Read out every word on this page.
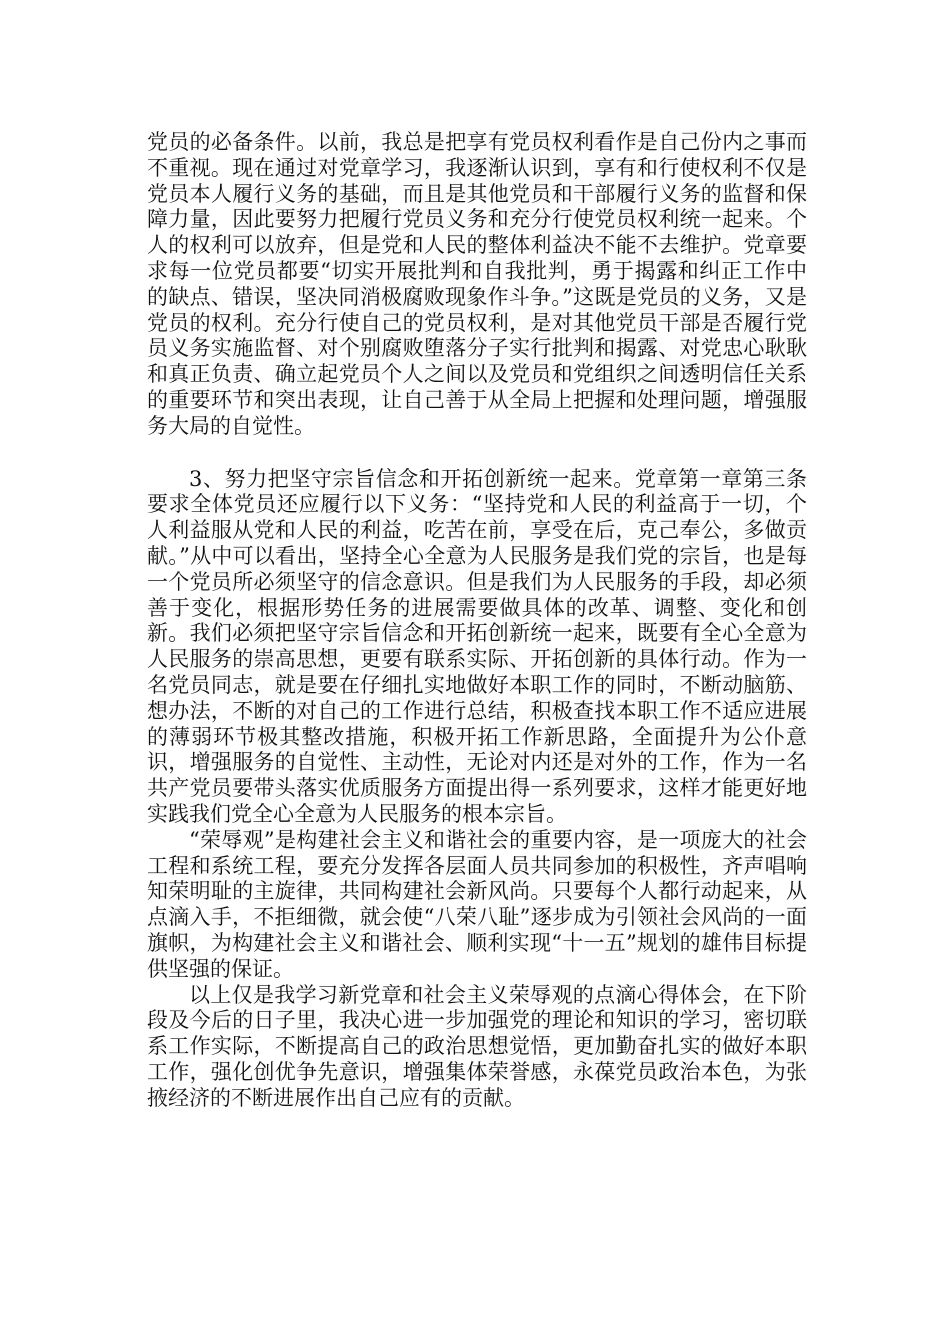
党员的必备条件。以前，我总是把享有党员权利看作是自己份内之事而不重视。现在通过对党章学习，我逐渐认识到，享有和行使权利不仅是党员本人履行义务的基础，而且是其他党员和干部履行义务的监督和保障力量，因此要努力把履行党员义务和充分行使党员权利统一起来。个人的权利可以放弃，但是党和人民的整体利益决不能不去维护。党章要求每一位党员都要“切实开展批判和自我批判，勇于揭露和纠正工作中的缺点、错误，坚决同消极腐败现象作斗争。”这既是党员的义务，又是党员的权利。充分行使自己的党员权利，是对其他党员干部是否履行党员义务实施监督、对个别腐败堕落分子实行批判和揭露、对党忠心耿耿和真正负责、确立起党员个人之间以及党员和党组织之间透明信任关系的重要环节和突出表现，让自己善于从全局上把握和处理问题，增强服务大局的自觉性。

3、努力把坚守宗旨信念和开拓创新统一起来。党章第一章第三条要求全体党员还应履行以下义务：“坚持党和人民的利益高于一切，个人利益服从党和人民的利益，吃苦在前，享受在后，克己奉公，多做贡献。”从中可以看出，坚持全心全意为人民服务是我们党的宗旨，也是每一个党员所必须坚守的信念意识。但是我们为人民服务的手段，却必须善于变化，根据形势任务的进展需要做具体的改革、调整、变化和创新。我们必须把坚守宗旨信念和开拓创新统一起来，既要有全心全意为人民服务的崇高思想，更要有联系实际、开拓创新的具体行动。作为一名党员同志，就是要在仔细扎实地做好本职工作的同时，不断动脑筋、想办法，不断的对自己的工作进行总结，积极查找本职工作不适应进展的薄弱环节极其整改措施，积极开拓工作新思路，全面提升为公仆意识，增强服务的自觉性、主动性，无论对内还是对外的工作，作为一名共产党员要带头落实优质服务方面提出得一系列要求，这样才能更好地实践我们党全心全意为人民服务的根本宗旨。

“荣辱观”是构建社会主义和谐社会的重要内容，是一项庞大的社会工程和系统工程，要充分发挥各层面人员共同参加的积极性，齐声唱响知荣明耻的主旋律，共同构建社会新风尚。只要每个人都行动起来，从点滴入手，不拒细微，就会使“八荣八耻”逐步成为引领社会风尚的一面旗帜，为构建社会主义和谐社会、顺利实现“十一五”规划的雄伟目标提供坚强的保证。

以上仅是我学习新党章和社会主义荣辱观的点滴心得体会，在下阶段及今后的日子里，我决心进一步加强党的理论和知识的学习，密切联系工作实际，不断提高自己的政治思想觉悟，更加勤奋扎实的做好本职工作，强化创优争先意识，增强集体荣誉感，永葆党员政治本色，为张掖经济的不断进展作出自己应有的贡献。
